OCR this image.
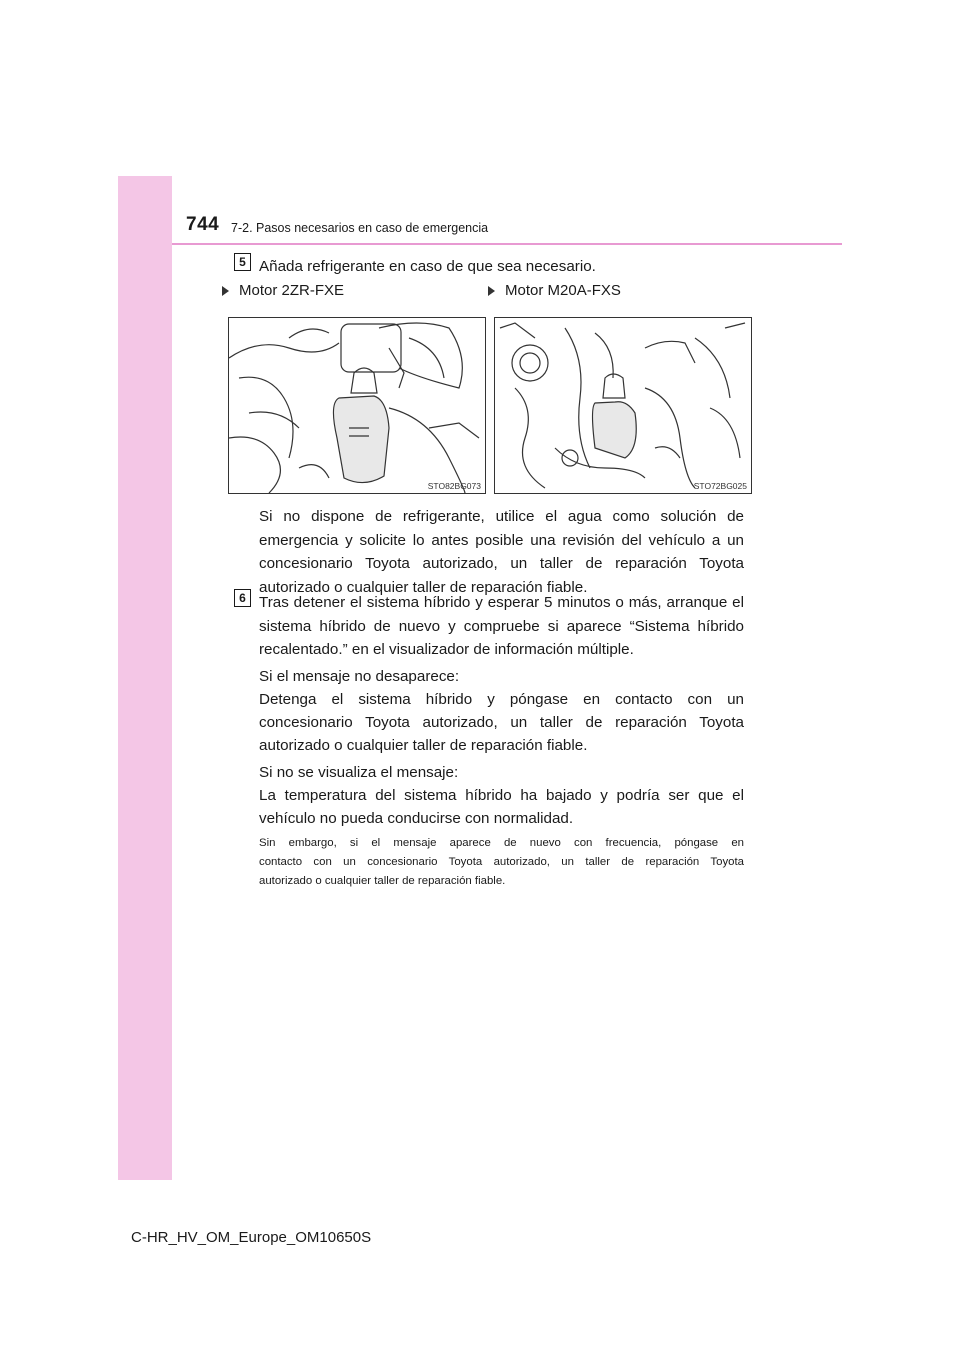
744 7-2. Pasos necesarios en caso de emergencia
5 Añada refrigerante en caso de que sea necesario.

Motor 2ZR-FXE	Motor M20A-FXS
STO82BG073	STO72BG025

Si no dispone de refrigerante, utilice el agua como solución de

emergencia y solicite lo antes posible una revisión del vehículo a un

concesionario Toyota autorizado, un taller de reparación Toyota

autorizado o cualquier taller de reparación fiable.

6 Tras detener el sistema híbrido y esperar 5 minutos o más, arranque el

sistema híbrido de nuevo y compruebe si aparece “Sistema híbrido

recalentado.” en el visualizador de información múltiple.

Si el mensaje no desaparece:

Detenga el sistema híbrido y póngase en contacto con un

concesionario Toyota autorizado, un taller de reparación Toyota

autorizado o cualquier taller de reparación fiable.

Si no se visualiza el mensaje:

La temperatura del sistema híbrido ha bajado y podría ser que el

vehículo no pueda conducirse con normalidad.

Sin embargo, si el mensaje aparece de nuevo con frecuencia, póngase en

contacto con un concesionario Toyota autorizado, un taller de reparación Toyota

autorizado o cualquier taller de reparación fiable.

C-HR_HV_OM_Europe_OM10650S
